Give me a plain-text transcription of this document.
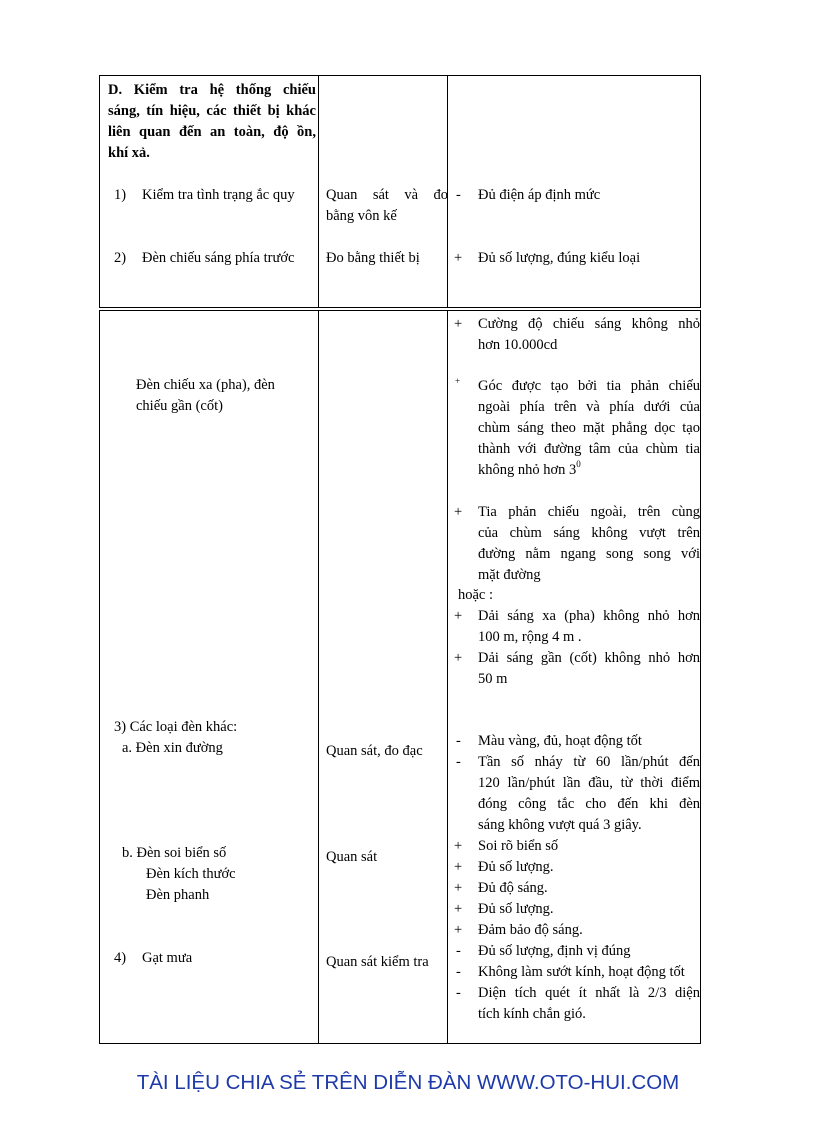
D. Kiểm tra hệ thống chiếu
sáng, tín hiệu, các thiết bị khác
liên quan đến an toàn, độ ồn,
khí xả.
1) Kiểm tra tình trạng ắc quy Quan sát và đo
bằng vôn kế
- Đủ điện áp định mức
2) Đèn chiếu sáng phía trước Đo bằng thiết bị + Đủ số lượng, đúng kiểu loại
Đèn chiếu xa (pha), đèn
chiếu gần (cốt)
+ Cường độ chiếu sáng không nhỏ
hơn 10.000cd
+ Góc được tạo bởi tia phản chiếu
ngoài phía trên và phía dưới của
chùm sáng theo mặt phẳng dọc tạo
thành với đường tâm của chùm tia
không nhỏ hơn $3^0$
+ Tia phản chiếu ngoài, trên cùng
của chùm sáng không vượt trên
đường nằm ngang song song với
mặt đường
hoặc :
+ Dải sáng xa (pha) không nhỏ hơn
100 m, rộng 4 m .
+ Dải sáng gần (cốt) không nhỏ hơn
50 m
3) Các loại đèn khác:
a. Đèn xin đường	Quan sát, đo đạc
- Màu vàng, đủ, hoạt động tốt
- Tần số nháy từ 60 lần/phút đến
120 lần/phút lần đầu, từ thời điểm
đóng công tắc cho đến khi đèn
sáng không vượt quá 3 giây.
b. Đèn soi biển số
Đèn kích thước
Đèn phanh
Quan sát
+ Soi rõ biển số
+ Đủ số lượng.
+ Đủ độ sáng.
+ Đủ số lượng.
+ Đảm bảo độ sáng.
4) Gạt mưa	Quan sát kiểm tra
- Đủ số lượng, định vị đúng
- Không làm sướt kính, hoạt động tốt
- Diện tích quét ít nhất là 2/3 diện
tích kính chắn gió.
TÀI LIỆU CHIA SẺ TRÊN DIỄN ĐÀN WWW.OTO-HUI.COM
